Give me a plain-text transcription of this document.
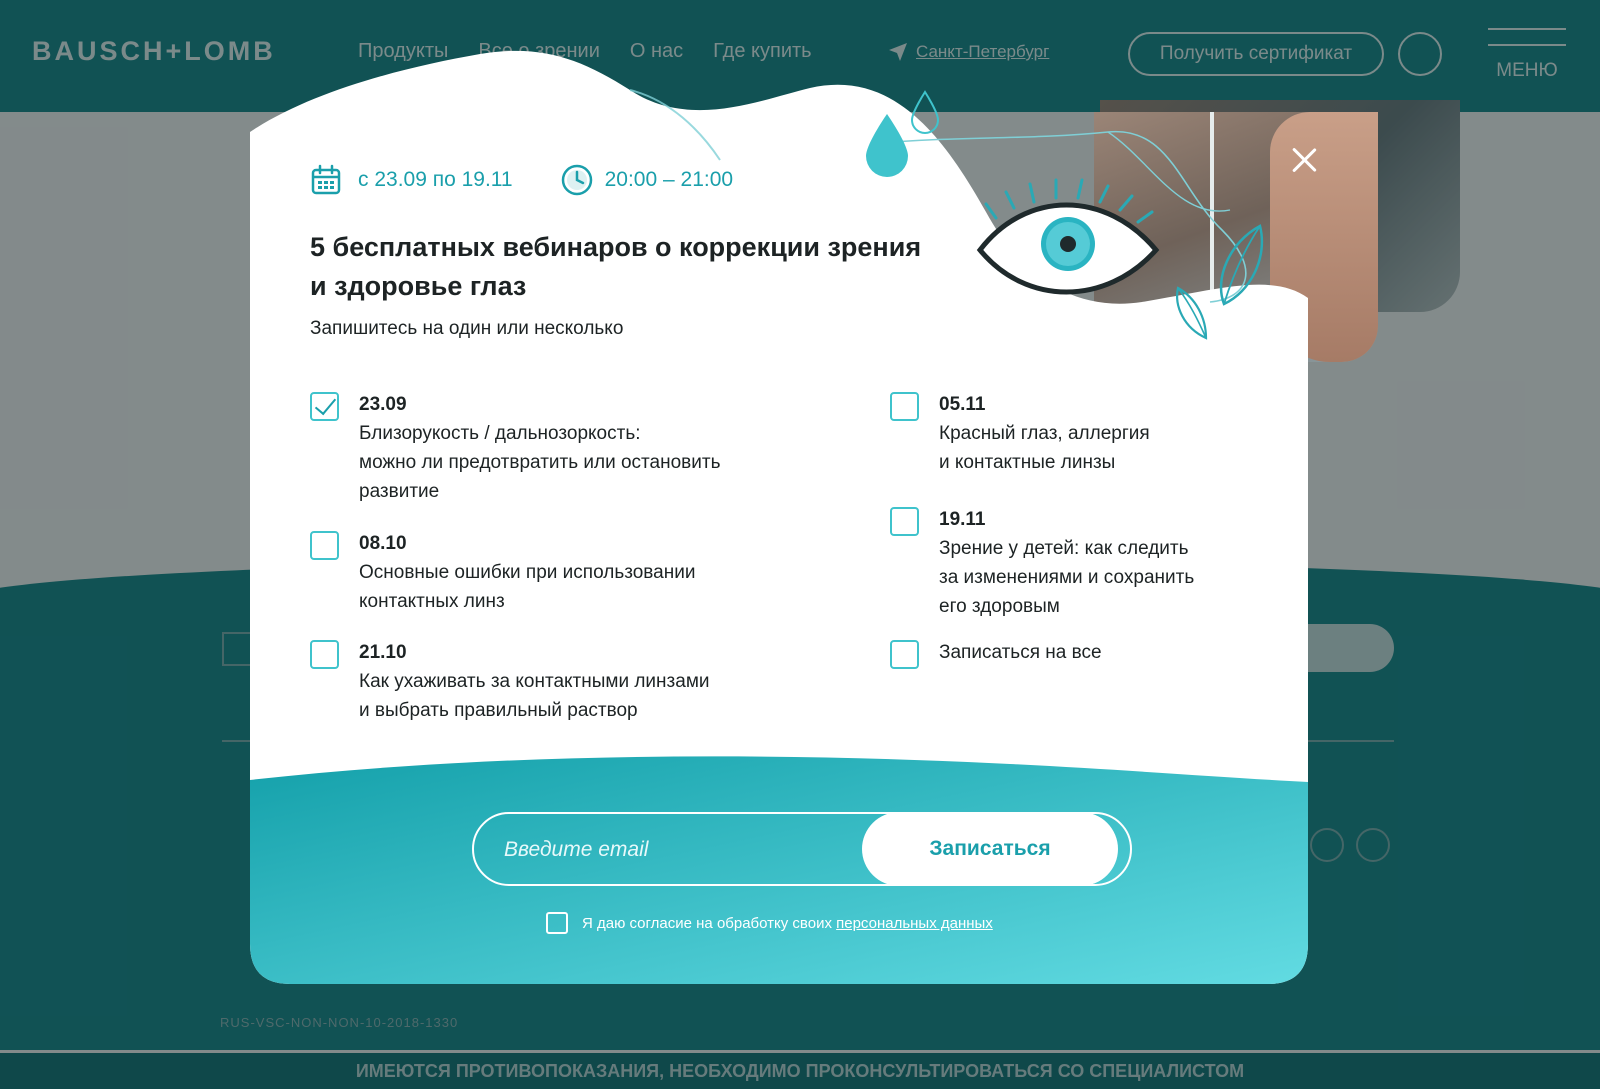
BAUSCH+LOMB	Продукты Все о зрении О нас Где купить	Санкт-Петербург	Получить сертификат
МЕНЮ
RUS-VSC-NON-NON-10-2018-1330
ИМЕЮТСЯ ПРОТИВОПОКАЗАНИЯ, НЕОБХОДИМО ПРОКОНСУЛЬТИРОВАТЬСЯ СО СПЕЦИАЛИСТОМ
с 23.09 по 19.11	20:00 – 21:00
5 бесплатных вебинаров о коррекции зрения и здоровье глаз
Запишитесь на один или несколько
23.09
Близорукость / дальнозоркость:
можно ли предотвратить или остановить
развитие
08.10
Основные ошибки при использовании
контактных линз
21.10
Как ухаживать за контактными линзами
и выбрать правильный раствор
05.11
Красный глаз, аллергия
и контактные линзы
19.11
Зрение у детей: как следить
за изменениями и сохранить
его здоровым
Записаться на все
Введите email
Записаться
Я даю согласие на обработку своих персональных данных
